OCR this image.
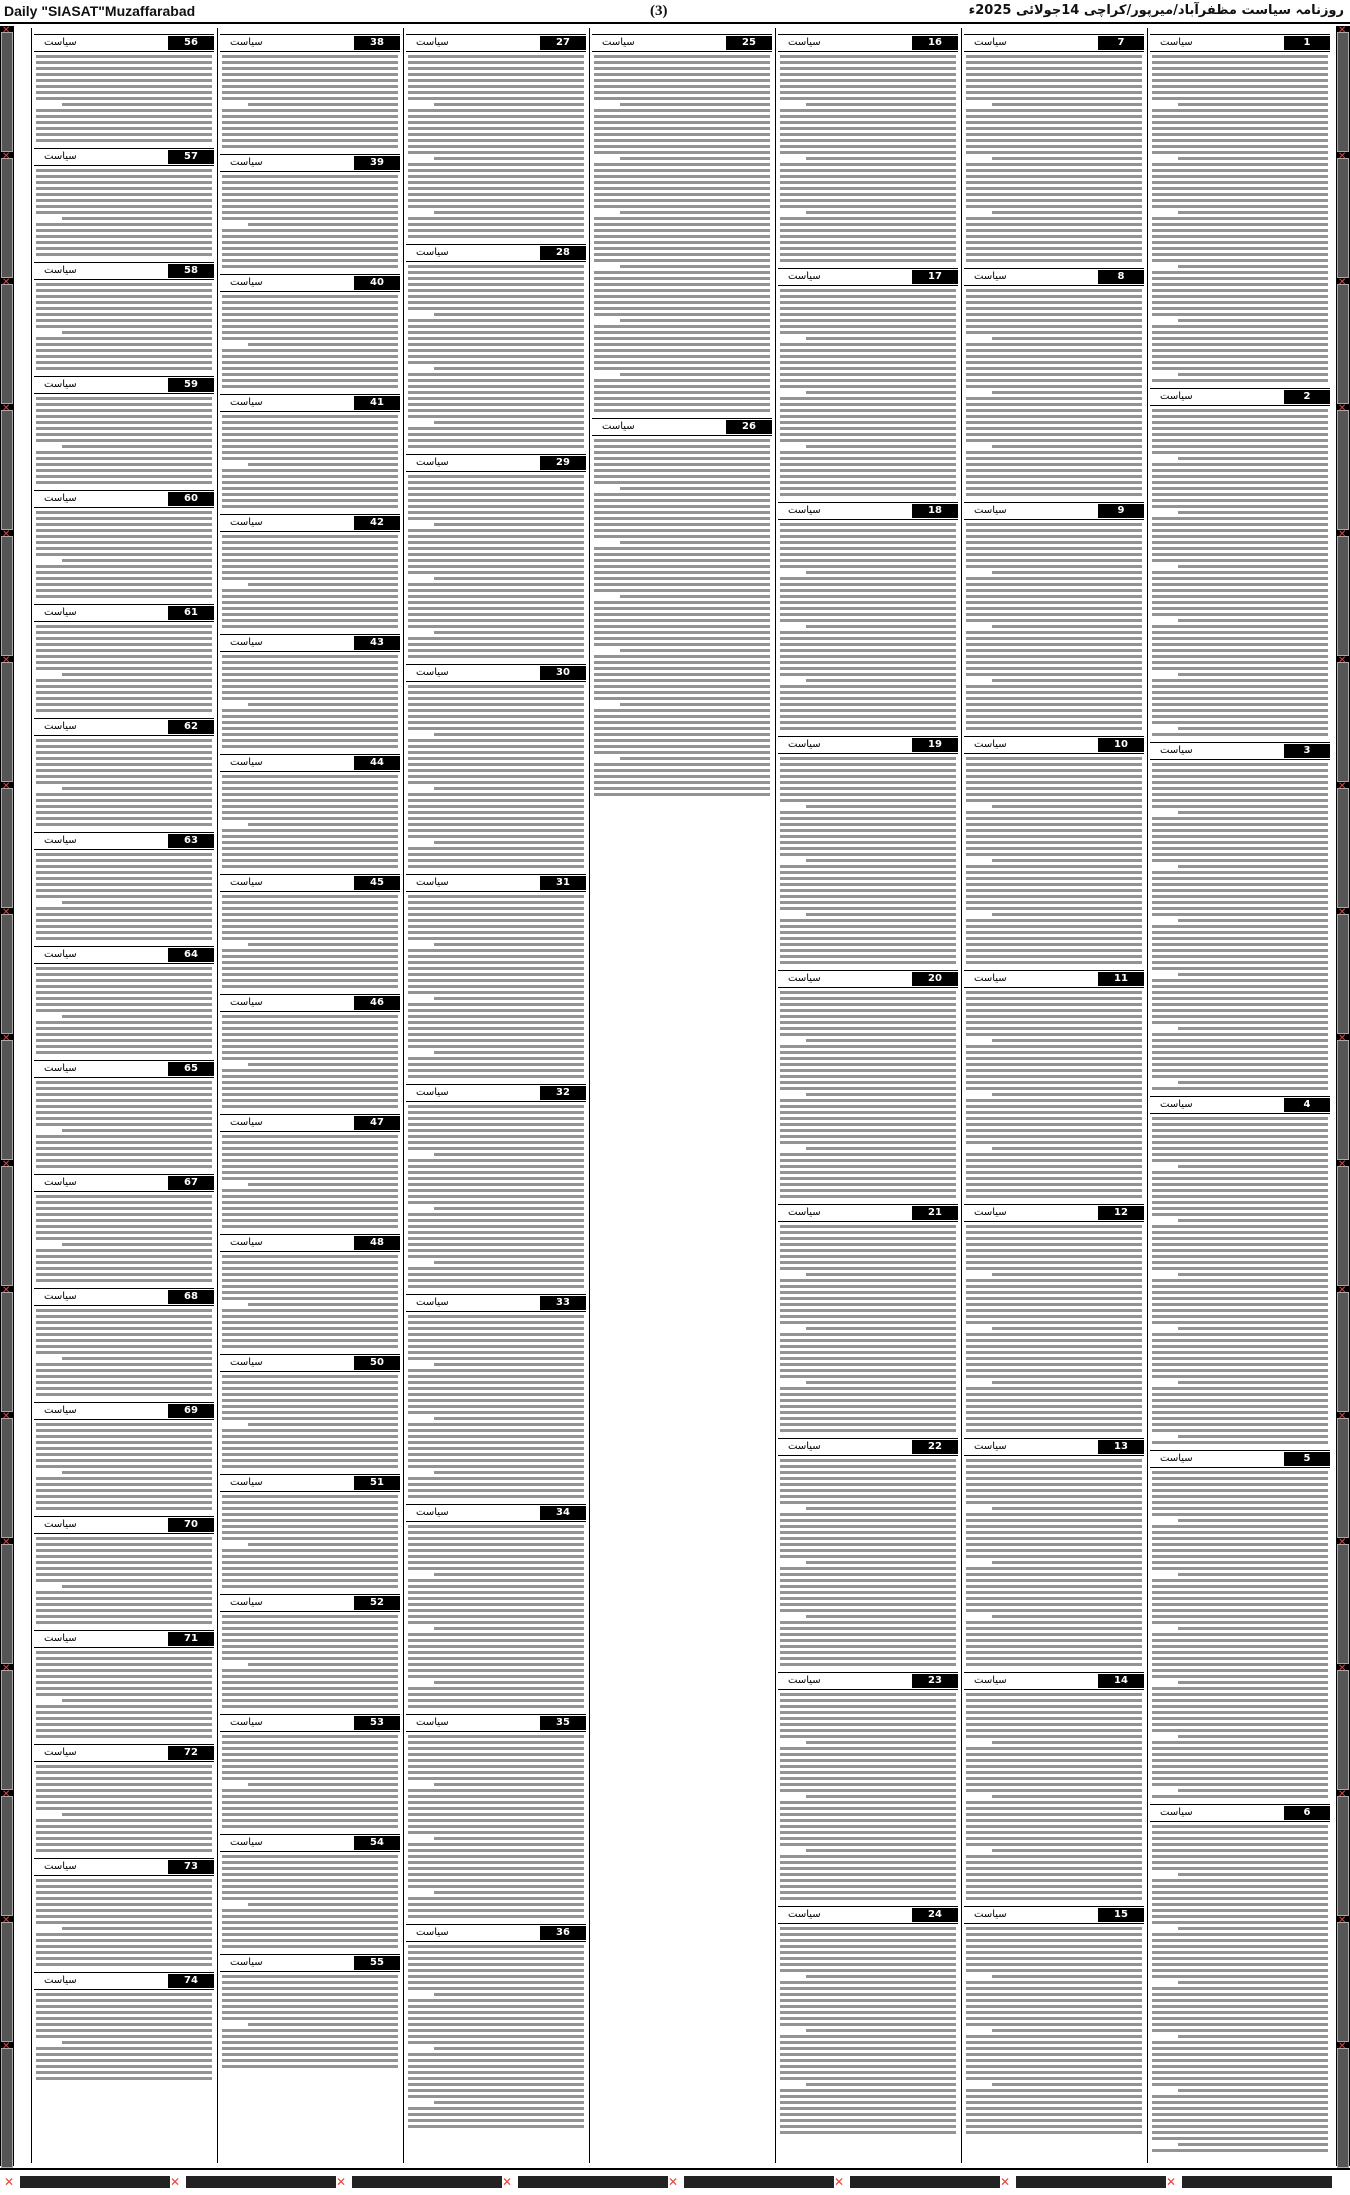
Daily "SIASAT"Muzaffarabad	(3)	روزنامہ سیاست مظفرآباد/میرپور/کراچی 14جولائی 2025ء
✕
✕
✕
✕
✕
✕
✕
✕
✕
✕
✕
✕
✕
✕
✕
✕
✕
✕
✕
✕
✕
✕
✕
✕
✕
✕
✕
✕
✕
✕
✕
✕
✕
✕
سیاست	1
سیاست	2
سیاست	3
سیاست	4
سیاست	5
سیاست	6
سیاست	7
سیاست	8
سیاست	9
سیاست	10
سیاست	11
سیاست	12
سیاست	13
سیاست	14
سیاست	15
سیاست	16
سیاست	17
سیاست	18
سیاست	19
سیاست	20
سیاست	21
سیاست	22
سیاست	23
سیاست	24
سیاست	25
سیاست	26
سیاست	27
سیاست	28
سیاست	29
سیاست	30
سیاست	31
سیاست	32
سیاست	33
سیاست	34
سیاست	35
سیاست	36
سیاست	38
سیاست	39
سیاست	40
سیاست	41
سیاست	42
سیاست	43
سیاست	44
سیاست	45
سیاست	46
سیاست	47
سیاست	48
سیاست	50
سیاست	51
سیاست	52
سیاست	53
سیاست	54
سیاست	55
سیاست	56
سیاست	57
سیاست	58
سیاست	59
سیاست	60
سیاست	61
سیاست	62
سیاست	63
سیاست	64
سیاست	65
سیاست	67
سیاست	68
سیاست	69
سیاست	70
سیاست	71
سیاست	72
سیاست	73
سیاست	74
✕	✕	✕	✕	✕	✕	✕	✕
